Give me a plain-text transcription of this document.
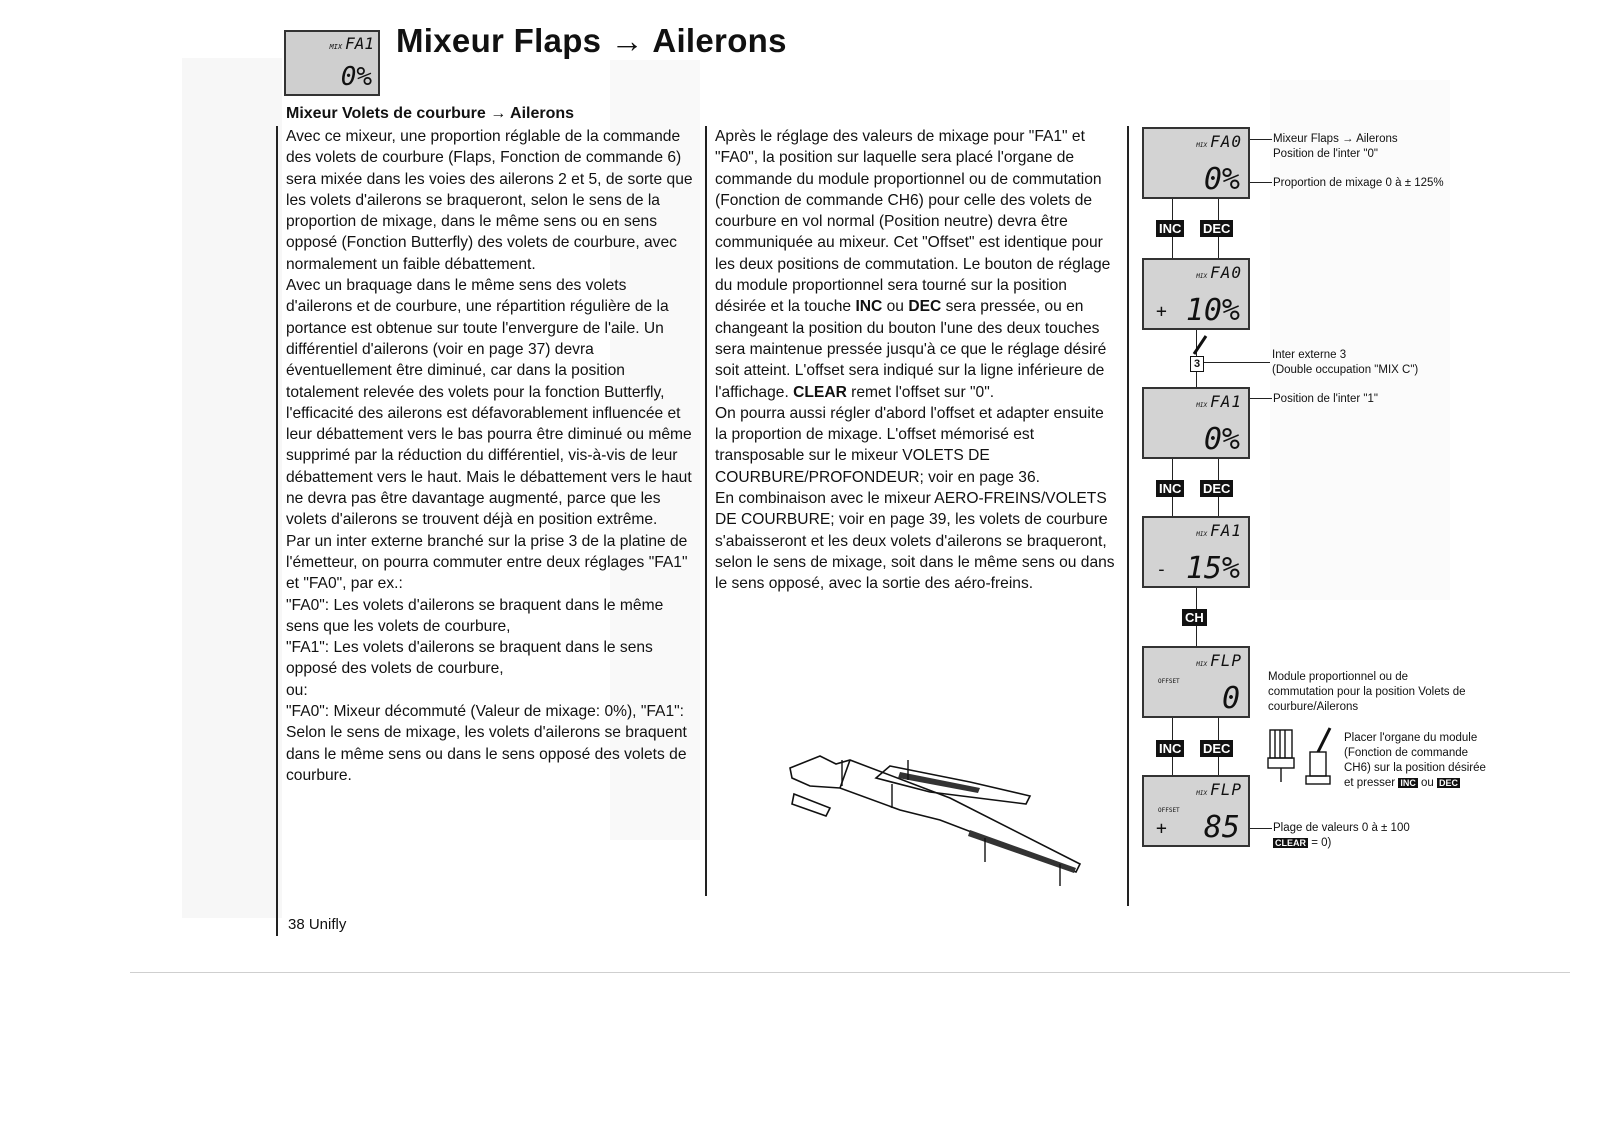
MIX FA1
0%
Mixeur Flaps → Ailerons
Mixeur Volets de courbure → Ailerons

Avec ce mixeur, une proportion réglable de la commande des volets de courbure (Flaps, Fonction de commande 6) sera mixée dans les voies des ailerons 2 et 5, de sorte que les volets d'ailerons se braqueront, selon le sens de la proportion de mixage, dans le même sens ou en sens opposé (Fonction Butterfly) des volets de courbure, avec normalement un faible débattement.

Avec un braquage dans le même sens des volets d'ailerons et de courbure, une répartition régulière de la portance est obtenue sur toute l'envergure de l'aile. Un différentiel d'ailerons (voir en page 37) devra éventuellement être diminué, car dans la position totalement relevée des volets pour la fonction Butterfly, l'efficacité des ailerons est défavorablement influencée et leur débattement vers le bas pourra être diminué ou même supprimé par la réduction du différentiel, vis-à-vis de leur débattement vers le haut. Mais le débattement vers le haut ne devra pas être davantage augmenté, parce que les volets d'ailerons se trouvent déjà en position extrême.

Par un inter externe branché sur la prise 3 de la platine de l'émetteur, on pourra commuter entre deux réglages "FA1" et "FA0", par ex.:

"FA0": Les volets d'ailerons se braquent dans le même sens que les volets de courbure,

"FA1": Les volets d'ailerons se braquent dans le sens opposé des volets de courbure,

ou:

"FA0": Mixeur décommuté (Valeur de mixage: 0%), "FA1": Selon le sens de mixage, les volets d'ailerons se braquent dans le même sens ou dans le sens opposé des volets de courbure.

Après le réglage des valeurs de mixage pour "FA1" et "FA0", la position sur laquelle sera placé l'organe de commande du module proportionnel ou de commutation (Fonction de commande CH6) pour celle des volets de courbure en vol normal (Position neutre) devra être communiquée au mixeur. Cet "Offset" est identique pour les deux positions de commutation. Le bouton de réglage du module proportionnel sera tourné sur la position désirée et la touche INC ou DEC sera pressée, ou en changeant la position du bouton l'une des deux touches sera maintenue pressée jusqu'à ce que le réglage désiré soit atteint. L'offset sera indiqué sur la ligne inférieure de l'affichage. CLEAR remet l'offset sur "0".

On pourra aussi régler d'abord l'offset et adapter ensuite la proportion de mixage. L'offset mémorisé est transposable sur le mixeur VOLETS DE COURBURE/PROFONDEUR; voir en page 36.

En combinaison avec le mixeur AERO-FREINS/VOLETS DE COURBURE; voir en page 39, les volets de courbure s'abaisseront et les deux volets d'ailerons se braqueront, selon le sens de mixage, soit dans le même sens ou dans le sens opposé, avec la sortie des aéro-freins.

38 Unifly
MIX FA0
0%
MIX FA0
+ 10%
MIX FA1
0%
MIX FA1
- 15%
MIX FLP
OFFSET 0
MIX FLP
OFFSET
+ 85
INC DEC
3
INC DEC
CH
INC DEC
Mixeur Flaps → Ailerons
Position de l'inter "0"
Proportion de mixage 0 à ± 125%
Inter externe 3
(Double occupation "MIX C")
Position de l'inter "1"
Module proportionnel ou de
commutation pour la position Volets de
courbure/Ailerons
Placer l'organe du module
(Fonction de commande
CH6) sur la position désirée
et presser INC ou DEC
Plage de valeurs 0 à ± 100
CLEAR = 0)
